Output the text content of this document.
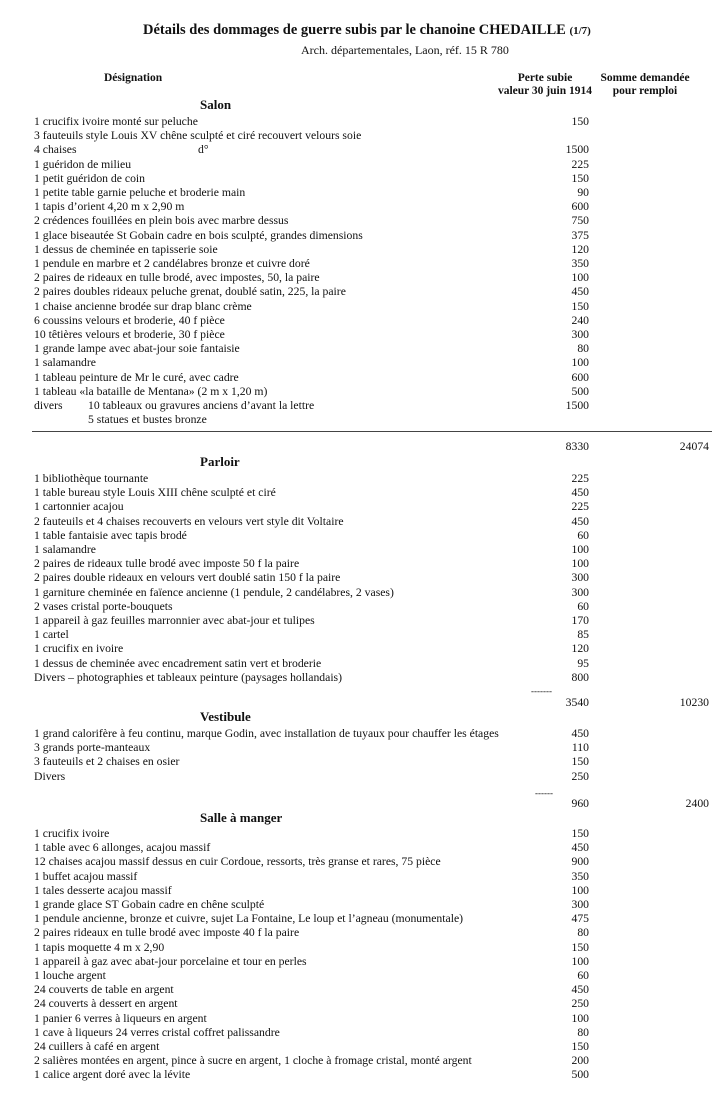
Détails des dommages de guerre subis par le chanoine CHEDAILLE (1/7)
Arch. départementales, Laon, réf. 15 R 780
Désignation	Perte subie
valeur 30 juin 1914
Somme demandée
pour remploi
Salon
1 crucifix ivoire monté sur peluche	150
3 fauteuils style Louis XV chêne sculpté et ciré recouvert velours soie
4 chaises	d°	1500
1 guéridon de milieu	225
1 petit guéridon de coin	150
1 petite table garnie peluche et broderie main	90
1 tapis d’orient 4,20 m x 2,90 m	600
2 crédences fouillées en plein bois avec marbre dessus	750
1 glace biseautée St Gobain cadre en bois sculpté, grandes dimensions	375
1 dessus de cheminée en tapisserie soie	120
1 pendule en marbre et 2 candélabres bronze et cuivre doré	350
2 paires de rideaux en tulle brodé, avec impostes, 50, la paire	100
2 paires doubles rideaux peluche grenat, doublé satin, 225, la paire	450
1 chaise ancienne brodée sur drap blanc crème	150
6 coussins velours et broderie, 40 f pièce	240
10 têtières velours et broderie, 30 f pièce	300
1 grande lampe avec abat-jour soie fantaisie	80
1 salamandre	100
1 tableau peinture de Mr le curé, avec cadre	600
1 tableau «la bataille de Mentana» (2 m x 1,20 m)	500
divers 10 tableaux ou gravures anciens d’avant la lettre	1500
5 statues et bustes bronze
8330	24074
Parloir
1 bibliothèque tournante	225
1 table bureau style Louis XIII chêne sculpté et ciré	450
1 cartonnier acajou	225
2 fauteuils et 4 chaises recouverts en velours vert style dit Voltaire	450
1 table fantaisie avec tapis brodé	60
1 salamandre	100
2 paires de rideaux tulle brodé avec imposte 50 f la paire	100
2 paires double rideaux en velours vert doublé satin 150 f la paire	300
1 garniture cheminée en faïence ancienne (1 pendule, 2 candélabres, 2 vases)	300
2 vases cristal porte-bouquets	60
1 appareil à gaz feuilles marronnier avec abat-jour et tulipes	170
1 cartel	85
1 crucifix en ivoire	120
1 dessus de cheminée avec encadrement satin vert et broderie	95
Divers – photographies et tableaux peinture (paysages hollandais)	800
-------
3540	10230
Vestibule
1 grand calorifère à feu continu, marque Godin, avec installation de tuyaux pour chauffer les étages	450
3 grands porte-manteaux	110
3 fauteuils et 2 chaises en osier	150
Divers	250
------
960	2400
Salle à manger
1 crucifix ivoire	150
1 table avec 6 allonges, acajou massif	450
12 chaises acajou massif dessus en cuir Cordoue, ressorts, très granse et rares, 75 pièce	900
1 buffet acajou massif	350
1 tales desserte acajou massif	100
1 grande glace ST Gobain cadre en chêne sculpté	300
1 pendule ancienne, bronze et cuivre, sujet La Fontaine, Le loup et l’agneau (monumentale)	475
2 paires rideaux en tulle brodé avec imposte 40 f la paire	80
1 tapis moquette 4 m x 2,90	150
1 appareil à gaz avec abat-jour porcelaine et tour en perles	100
1 louche argent	60
24 couverts de table en argent	450
24 couverts à dessert en argent	250
1 panier 6 verres à liqueurs en argent	100
1 cave à liqueurs 24 verres cristal coffret palissandre	80
24 cuillers à café en argent	150
2 salières montées en argent, pince à sucre en argent, 1 cloche à fromage cristal, monté argent	200
1 calice argent doré avec la lévite	500
